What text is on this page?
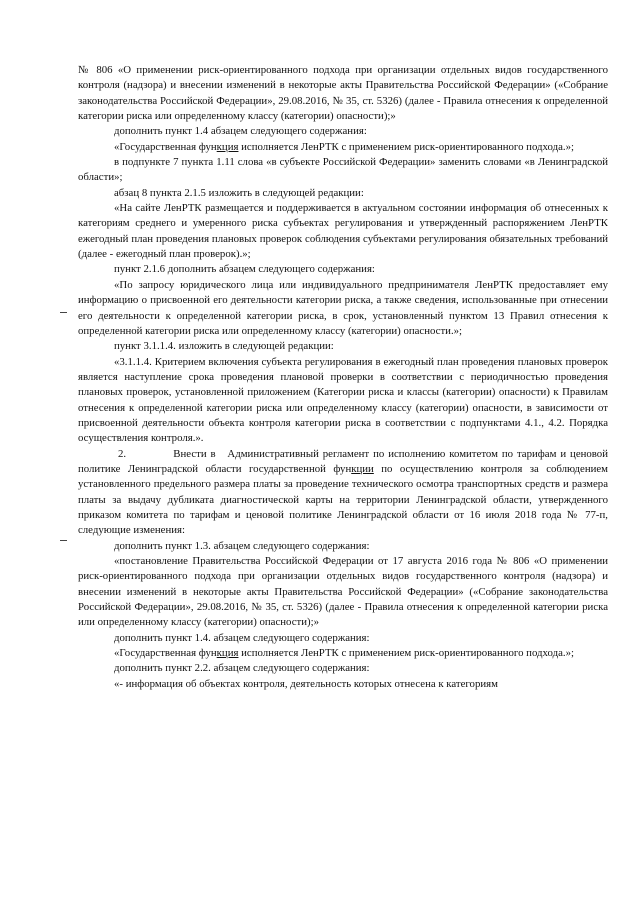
№ 806 «О применении риск-ориентированного подхода при организации отдельных видов государственного контроля (надзора) и внесении изменений в некоторые акты Правительства Российской Федерации» («Собрание законодательства Российской Федерации», 29.08.2016, № 35, ст. 5326) (далее - Правила отнесения к определенной категории риска или определенному классу (категории) опасности);»

дополнить пункт 1.4 абзацем следующего содержания:

«Государственная функция исполняется ЛенРТК с применением риск-ориентированного подхода.»;

в подпункте 7 пункта 1.11 слова «в субъекте Российской Федерации» заменить словами «в Ленинградской области»;

абзац 8 пункта 2.1.5 изложить в следующей редакции:

«На сайте ЛенРТК размещается и поддерживается в актуальном состоянии информация об отнесенных к категориям среднего и умеренного риска субъектах регулирования и утвержденный распоряжением ЛенРТК ежегодный план проведения плановых проверок соблюдения субъектами регулирования обязательных требований (далее - ежегодный план проверок).»;

пункт 2.1.6 дополнить абзацем следующего содержания:

«По запросу юридического лица или индивидуального предпринимателя ЛенРТК предоставляет ему информацию о присвоенной его деятельности категории риска, а также сведения, использованные при отнесении его деятельности к определенной категории риска, в срок, установленный пунктом 13 Правил отнесения к определенной категории риска или определенному классу (категории) опасности.»;

пункт 3.1.1.4. изложить в следующей редакции:

«3.1.1.4. Критерием включения субъекта регулирования в ежегодный план проведения плановых проверок является наступление срока проведения плановой проверки в соответствии с периодичностью проведения плановых проверок, установленной приложением (Категории риска и классы (категории) опасности) к Правилам отнесения к определенной категории риска или определенному классу (категории) опасности, в зависимости от присвоенной деятельности объекта контроля категории риска в соответствии с подпунктами 4.1., 4.2. Порядка осуществления контроля.».

2.            Внести в   Административный регламент по исполнению комитетом по тарифам и ценовой политике Ленинградской области государственной функции по осуществлению контроля за соблюдением установленного предельного размера платы за проведение технического осмотра транспортных средств и размера платы за выдачу дубликата диагностической карты на территории Ленинградской области, утвержденного приказом комитета по тарифам и ценовой политике Ленинградской области от 16 июля 2018 года № 77-п, следующие изменения:

дополнить пункт 1.3. абзацем следующего содержания:

«постановление Правительства Российской Федерации от 17 августа 2016 года № 806 «О применении риск-ориентированного подхода при организации отдельных видов государственного контроля (надзора) и внесении изменений в некоторые акты Правительства Российской Федерации» («Собрание законодательства Российской Федерации», 29.08.2016, № 35, ст. 5326) (далее - Правила отнесения к определенной категории риска или определенному классу (категории) опасности);»

дополнить пункт 1.4. абзацем следующего содержания:

«Государственная функция исполняется ЛенРТК с применением риск-ориентированного подхода.»;

дополнить пункт 2.2. абзацем следующего содержания:

«- информация об объектах контроля, деятельность которых отнесена к категориям
